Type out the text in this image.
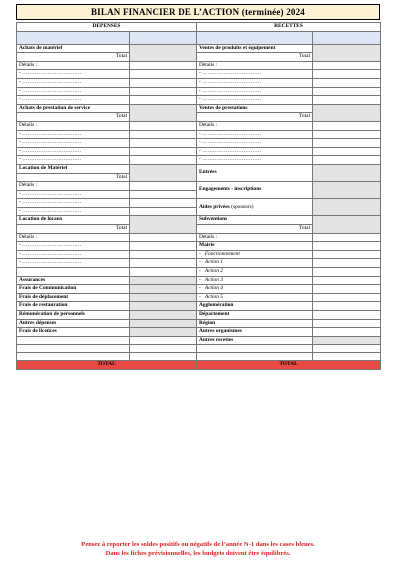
BILAN FINANCIER DE L’ACTION (terminée) 2024
DEPENSES		RECETTES	

Achats de matériel		Ventes de produits et équipement	
Total		Total	
Détails :		Détails :	
- ……………………………		- ……………………………	
- ……………………………		- ……………………………	
- ……………………………		- ……………………………	
- ……………………………		- ……………………………	
Achats de prestation de service		Ventes de prestations	
Total		Total	
Détails :		Détails :	
- ……………………………		- ……………………………	
- ……………………………		- ……………………………	
- ……………………………		- ……………………………	
- ……………………………		- ……………………………	
Location de Matériel		Entrées	
Total			
Détails :		Engagements - inscriptions	
- ……………………………			
- ……………………………		Aides privées (sponsors)	
- ……………………………			
Location de locaux		Subventions	
Total		Total	
Détails :		Détails :	
- ……………………………		Mairie	
- ……………………………		- Fonctionnement	
- ……………………………		- Action 1	
		- Action 2	
Assurances		- Action 3	
Frais de Communication		- Action 4	
Frais de déplacement		- Action 5	
Frais de restauration		Agglomération	
Rémunération de personnels		Département	
Autres dépenses		Région	
Frais de licences		Autres organismes	
		Autres recettes	

TOTAL		TOTAL	
Pensez à reporter les soldes positifs ou négatifs de l’année N-1 dans les cases bleues.
Dans les fiches prévisionnelles, les budgets doivent être équilibrés.
